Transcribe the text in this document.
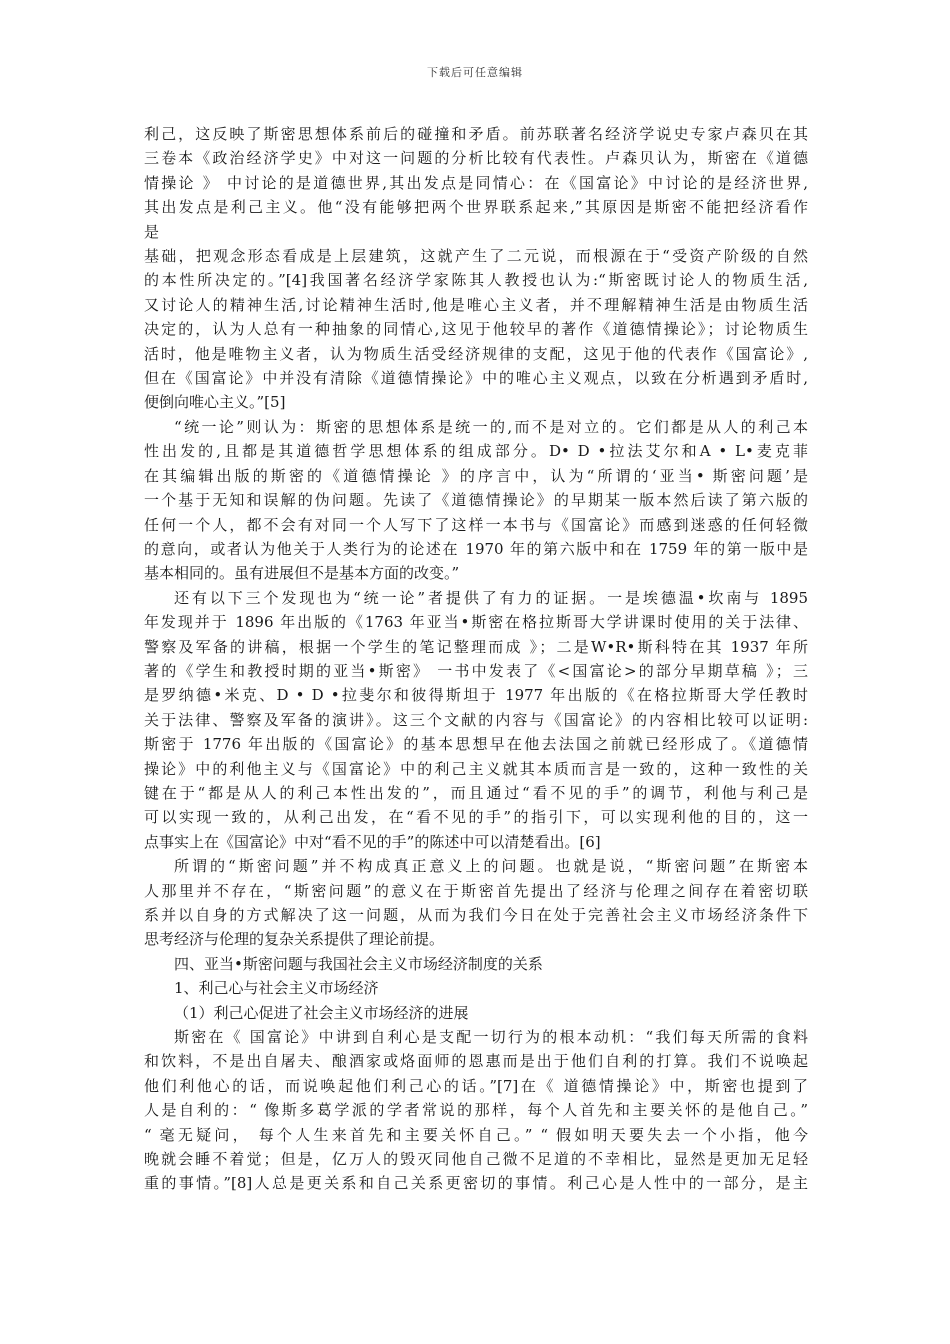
下载后可任意编辑

利己，这反映了斯密思想体系前后的碰撞和矛盾。前苏联著名经济学说史专家卢森贝在其
三卷本《政治经济学史》中对这一问题的分析比较有代表性。卢森贝认为，斯密在《道德
情操论 》 中讨论的是道德世界,其出发点是同情心：在《国富论》中讨论的是经济世界,
其出发点是利己主义。他“没有能够把两个世界联系起来,”其原因是斯密不能把经济看作
是

基础，把观念形态看成是上层建筑，这就产生了二元说，而根源在于“受资产阶级的自然
的本性所决定的。”[4]我国著名经济学家陈其人教授也认为:“斯密既讨论人的物质生活,
又讨论人的精神生活,讨论精神生活时,他是唯心主义者，并不理解精神生活是由物质生活
决定的，认为人总有一种抽象的同情心,这见于他较早的著作《道德情操论》；讨论物质生
活时，他是唯物主义者，认为物质生活受经济规律的支配，这见于他的代表作《国富论》,
但在《国富论》中并没有清除《道德情操论》中的唯心主义观点，以致在分析遇到矛盾时,
便倒向唯心主义。”[5]

“统一论”则认为：斯密的思想体系是统一的,而不是对立的。它们都是从人的利己本
性出发的,且都是其道德哲学思想体系的组成部分。D• D •拉法艾尔和A • L•麦克菲
在其编辑出版的斯密的《道德情操论 》的序言中，认为“所谓的‘亚当• 斯密问题’是
一个基于无知和误解的伪问题。先读了《道德情操论》的早期某一版本然后读了第六版的
任何一个人，都不会有对同一个人写下了这样一本书与《国富论》而感到迷惑的任何轻微
的意向，或者认为他关于人类行为的论述在 1970 年的第六版中和在 1759 年的第一版中是
基本相同的。虽有进展但不是基本方面的改变。”

还有以下三个发现也为“统一论”者提供了有力的证据。一是埃德温•坎南与 1895
年发现并于 1896 年出版的《1763 年亚当•斯密在格拉斯哥大学讲课时使用的关于法律、
警察及军备的讲稿，根据一个学生的笔记整理而成 》；二是W•R•斯科特在其 1937 年所
著的《学生和教授时期的亚当•斯密》 一书中发表了《<国富论>的部分早期草稿 》；三
是罗纳德•米克、D • D •拉斐尔和彼得斯坦于 1977 年出版的《在格拉斯哥大学任教时
关于法律、警察及军备的演讲》。这三个文献的内容与《国富论》的内容相比较可以证明:
斯密于 1776 年出版的《国富论》的基本思想早在他去法国之前就已经形成了。《道德情
操论》中的利他主义与《国富论》中的利己主义就其本质而言是一致的，这种一致性的关
键在于“都是从人的利己本性出发的”，而且通过“看不见的手”的调节，利他与利己是
可以实现一致的，从利己出发，在“看不见的手”的指引下，可以实现利他的目的，这一
点事实上在《国富论》中对“看不见的手”的陈述中可以清楚看出。[6]

所谓的“斯密问题”并不构成真正意义上的问题。也就是说，“斯密问题”在斯密本
人那里并不存在，“斯密问题”的意义在于斯密首先提出了经济与伦理之间存在着密切联
系并以自身的方式解决了这一问题，从而为我们今日在处于完善社会主义市场经济条件下
思考经济与伦理的复杂关系提供了理论前提。

四、亚当•斯密问题与我国社会主义市场经济制度的关系

1、利己心与社会主义市场经济

（1）利己心促进了社会主义市场经济的进展

斯密在《 国富论》中讲到自利心是支配一切行为的根本动机：“我们每天所需的食料
和饮料，不是出自屠夫、酿酒家或烙面师的恩惠而是出于他们自利的打算。我们不说唤起
他们利他心的话，而说唤起他们利己心的话。”[7]在《 道德情操论》中，斯密也提到了
人是自利的：“ 像斯多葛学派的学者常说的那样，每个人首先和主要关怀的是他自己。”
“ 毫无疑问， 每个人生来首先和主要关怀自己。” “ 假如明天要失去一个小指，他今
晚就会睡不着觉；但是，亿万人的毁灭同他自己微不足道的不幸相比，显然是更加无足轻
重的事情。”[8]人总是更关系和自己关系更密切的事情。利己心是人性中的一部分，是主
